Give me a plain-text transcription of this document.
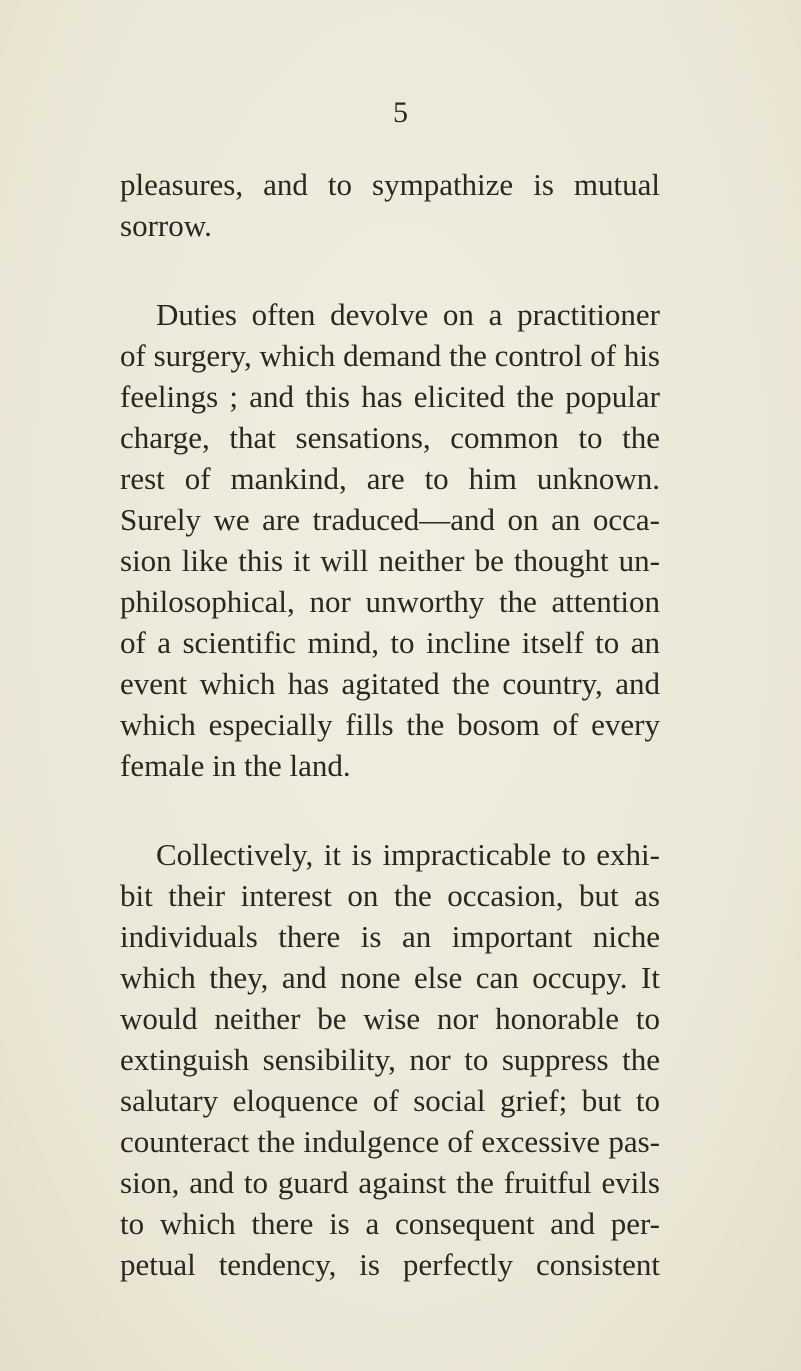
5
pleasures, and to sympathize is mutual
sorrow.
Duties often devolve on a practitioner
of surgery, which demand the control of his
feelings ; and this has elicited the popular
charge, that sensations, common to the
rest of mankind, are to him unknown.
Surely we are traduced—and on an occa-
sion like this it will neither be thought un-
philosophical, nor unworthy the attention
of a scientific mind, to incline itself to an
event which has agitated the country, and
which especially fills the bosom of every
female in the land.
Collectively, it is impracticable to exhi-
bit their interest on the occasion, but as
individuals there is an important niche
which they, and none else can occupy. It
would neither be wise nor honorable to
extinguish sensibility, nor to suppress the
salutary eloquence of social grief; but to
counteract the indulgence of excessive pas-
sion, and to guard against the fruitful evils
to which there is a consequent and per-
petual tendency, is perfectly consistent
